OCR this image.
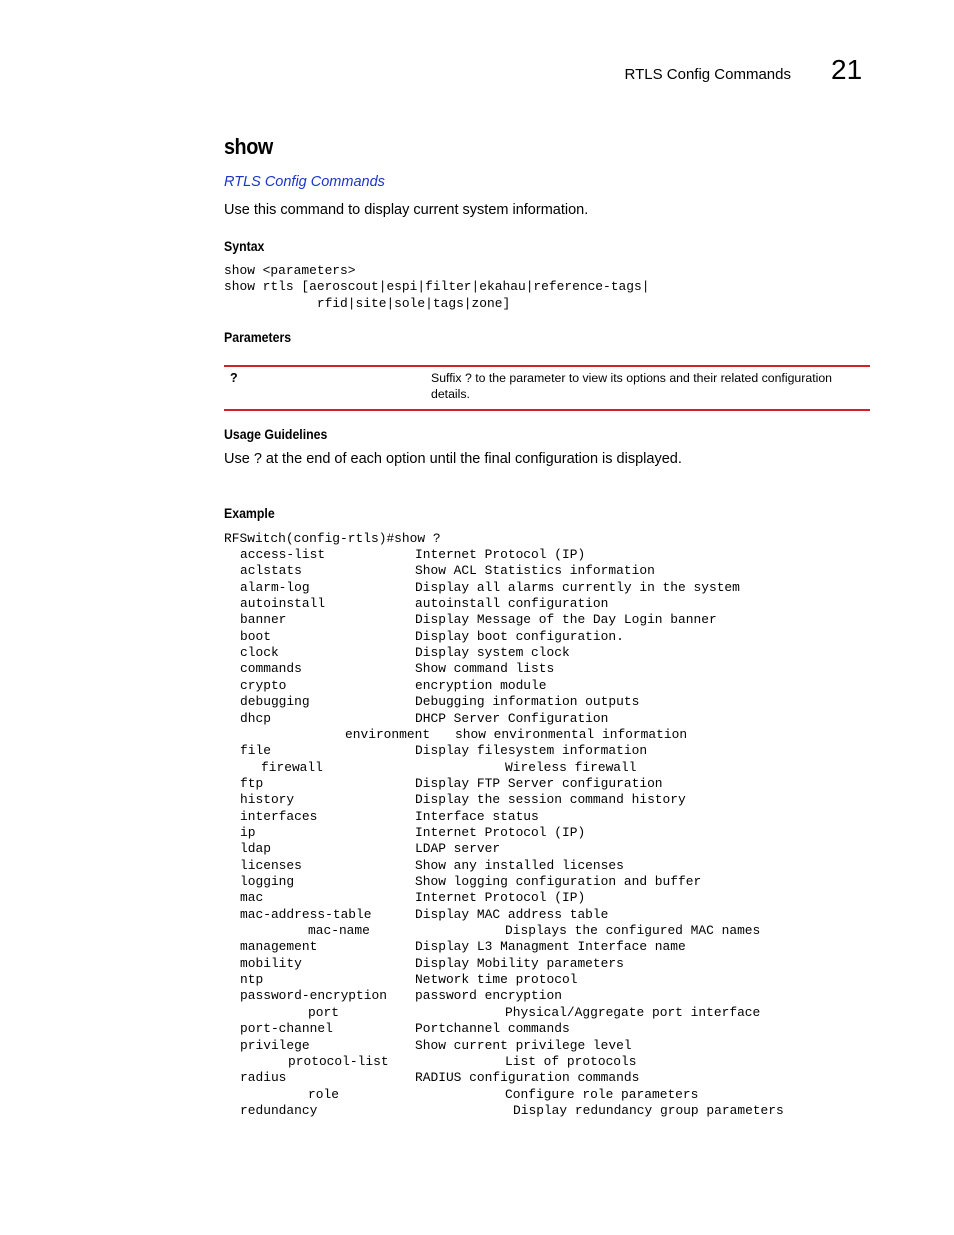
RTLS Config Commands 21
show
RTLS Config Commands
Use this command to display current system information.
Syntax
show <parameters>
show rtls [aeroscout|espi|filter|ekahau|reference-tags|
rfid|site|sole|tags|zone]
Parameters
?	Suffix ? to the parameter to view its options and their related configuration details.
Usage Guidelines
Use ? at the end of each option until the final configuration is displayed.
Example
RFSwitch(config-rtls)#show ?
access-list	Internet Protocol (IP)
aclstats	Show ACL Statistics information
alarm-log	Display all alarms currently in the system
autoinstall	autoinstall configuration
banner	Display Message of the Day Login banner
boot	Display boot configuration.
clock	Display system clock
commands	Show command lists
crypto	encryption module
debugging	Debugging information outputs
dhcp	DHCP Server Configuration
environment show environmental information
file	Display filesystem information
firewall	Wireless firewall
ftp	Display FTP Server configuration
history	Display the session command history
interfaces	Interface status
ip	Internet Protocol (IP)
ldap	LDAP server
licenses	Show any installed licenses
logging	Show logging configuration and buffer
mac	Internet Protocol (IP)
mac-address-table	Display MAC address table
mac-name	Displays the configured MAC names
management	Display L3 Managment Interface name
mobility	Display Mobility parameters
ntp	Network time protocol
password-encryption password encryption
port	Physical/Aggregate port interface
port-channel	Portchannel commands
privilege	Show current privilege level
protocol-list	List of protocols
radius	RADIUS configuration commands
role	Configure role parameters
redundancy	Display redundancy group parameters
